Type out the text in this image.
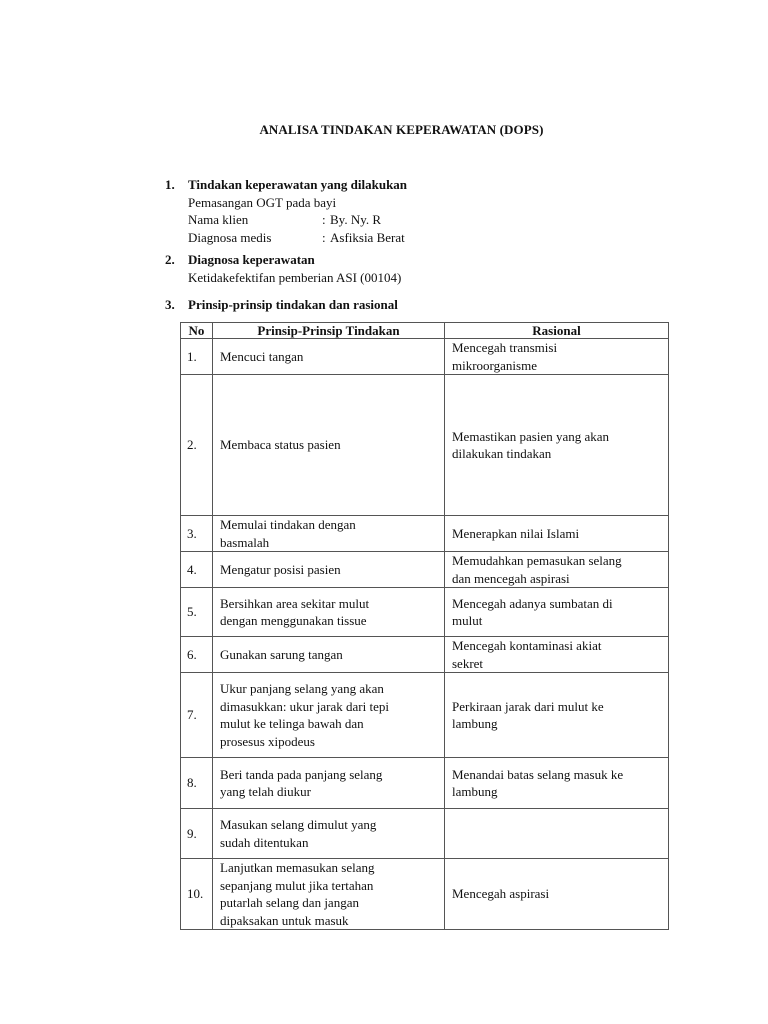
ANALISA TINDAKAN KEPERAWATAN (DOPS)
1.	Tindakan keperawatan yang dilakukan
Pemasangan OGT pada bayi
Nama klien	: By. Ny. R
Diagnosa medis	: Asfiksia Berat
2.	Diagnosa keperawatan
Ketidakefektifan pemberian ASI (00104)
3.	Prinsip-prinsip tindakan dan rasional
No	Prinsip-Prinsip Tindakan	Rasional
1.	Mencuci tangan	Mencegah transmisi
mikroorganisme
2.	Membaca status pasien	Memastikan pasien yang akan
dilakukan tindakan
3.	Memulai tindakan dengan
basmalah	Menerapkan nilai Islami
4.	Mengatur posisi pasien	Memudahkan pemasukan selang
dan mencegah aspirasi
5.	Bersihkan area sekitar mulut
dengan menggunakan tissue	Mencegah adanya sumbatan di
mulut
6.	Gunakan sarung tangan	Mencegah kontaminasi akiat
sekret
7.	Ukur panjang selang yang akan
dimasukkan: ukur jarak dari tepi
mulut ke telinga bawah dan
prosesus xipodeus	Perkiraan jarak dari mulut ke
lambung
8.	Beri tanda pada panjang selang
yang telah diukur	Menandai batas selang masuk ke
lambung
9.	Masukan selang dimulut yang
sudah ditentukan	
10.	Lanjutkan memasukan selang
sepanjang mulut jika tertahan
putarlah selang dan jangan
dipaksakan untuk masuk	Mencegah aspirasi
